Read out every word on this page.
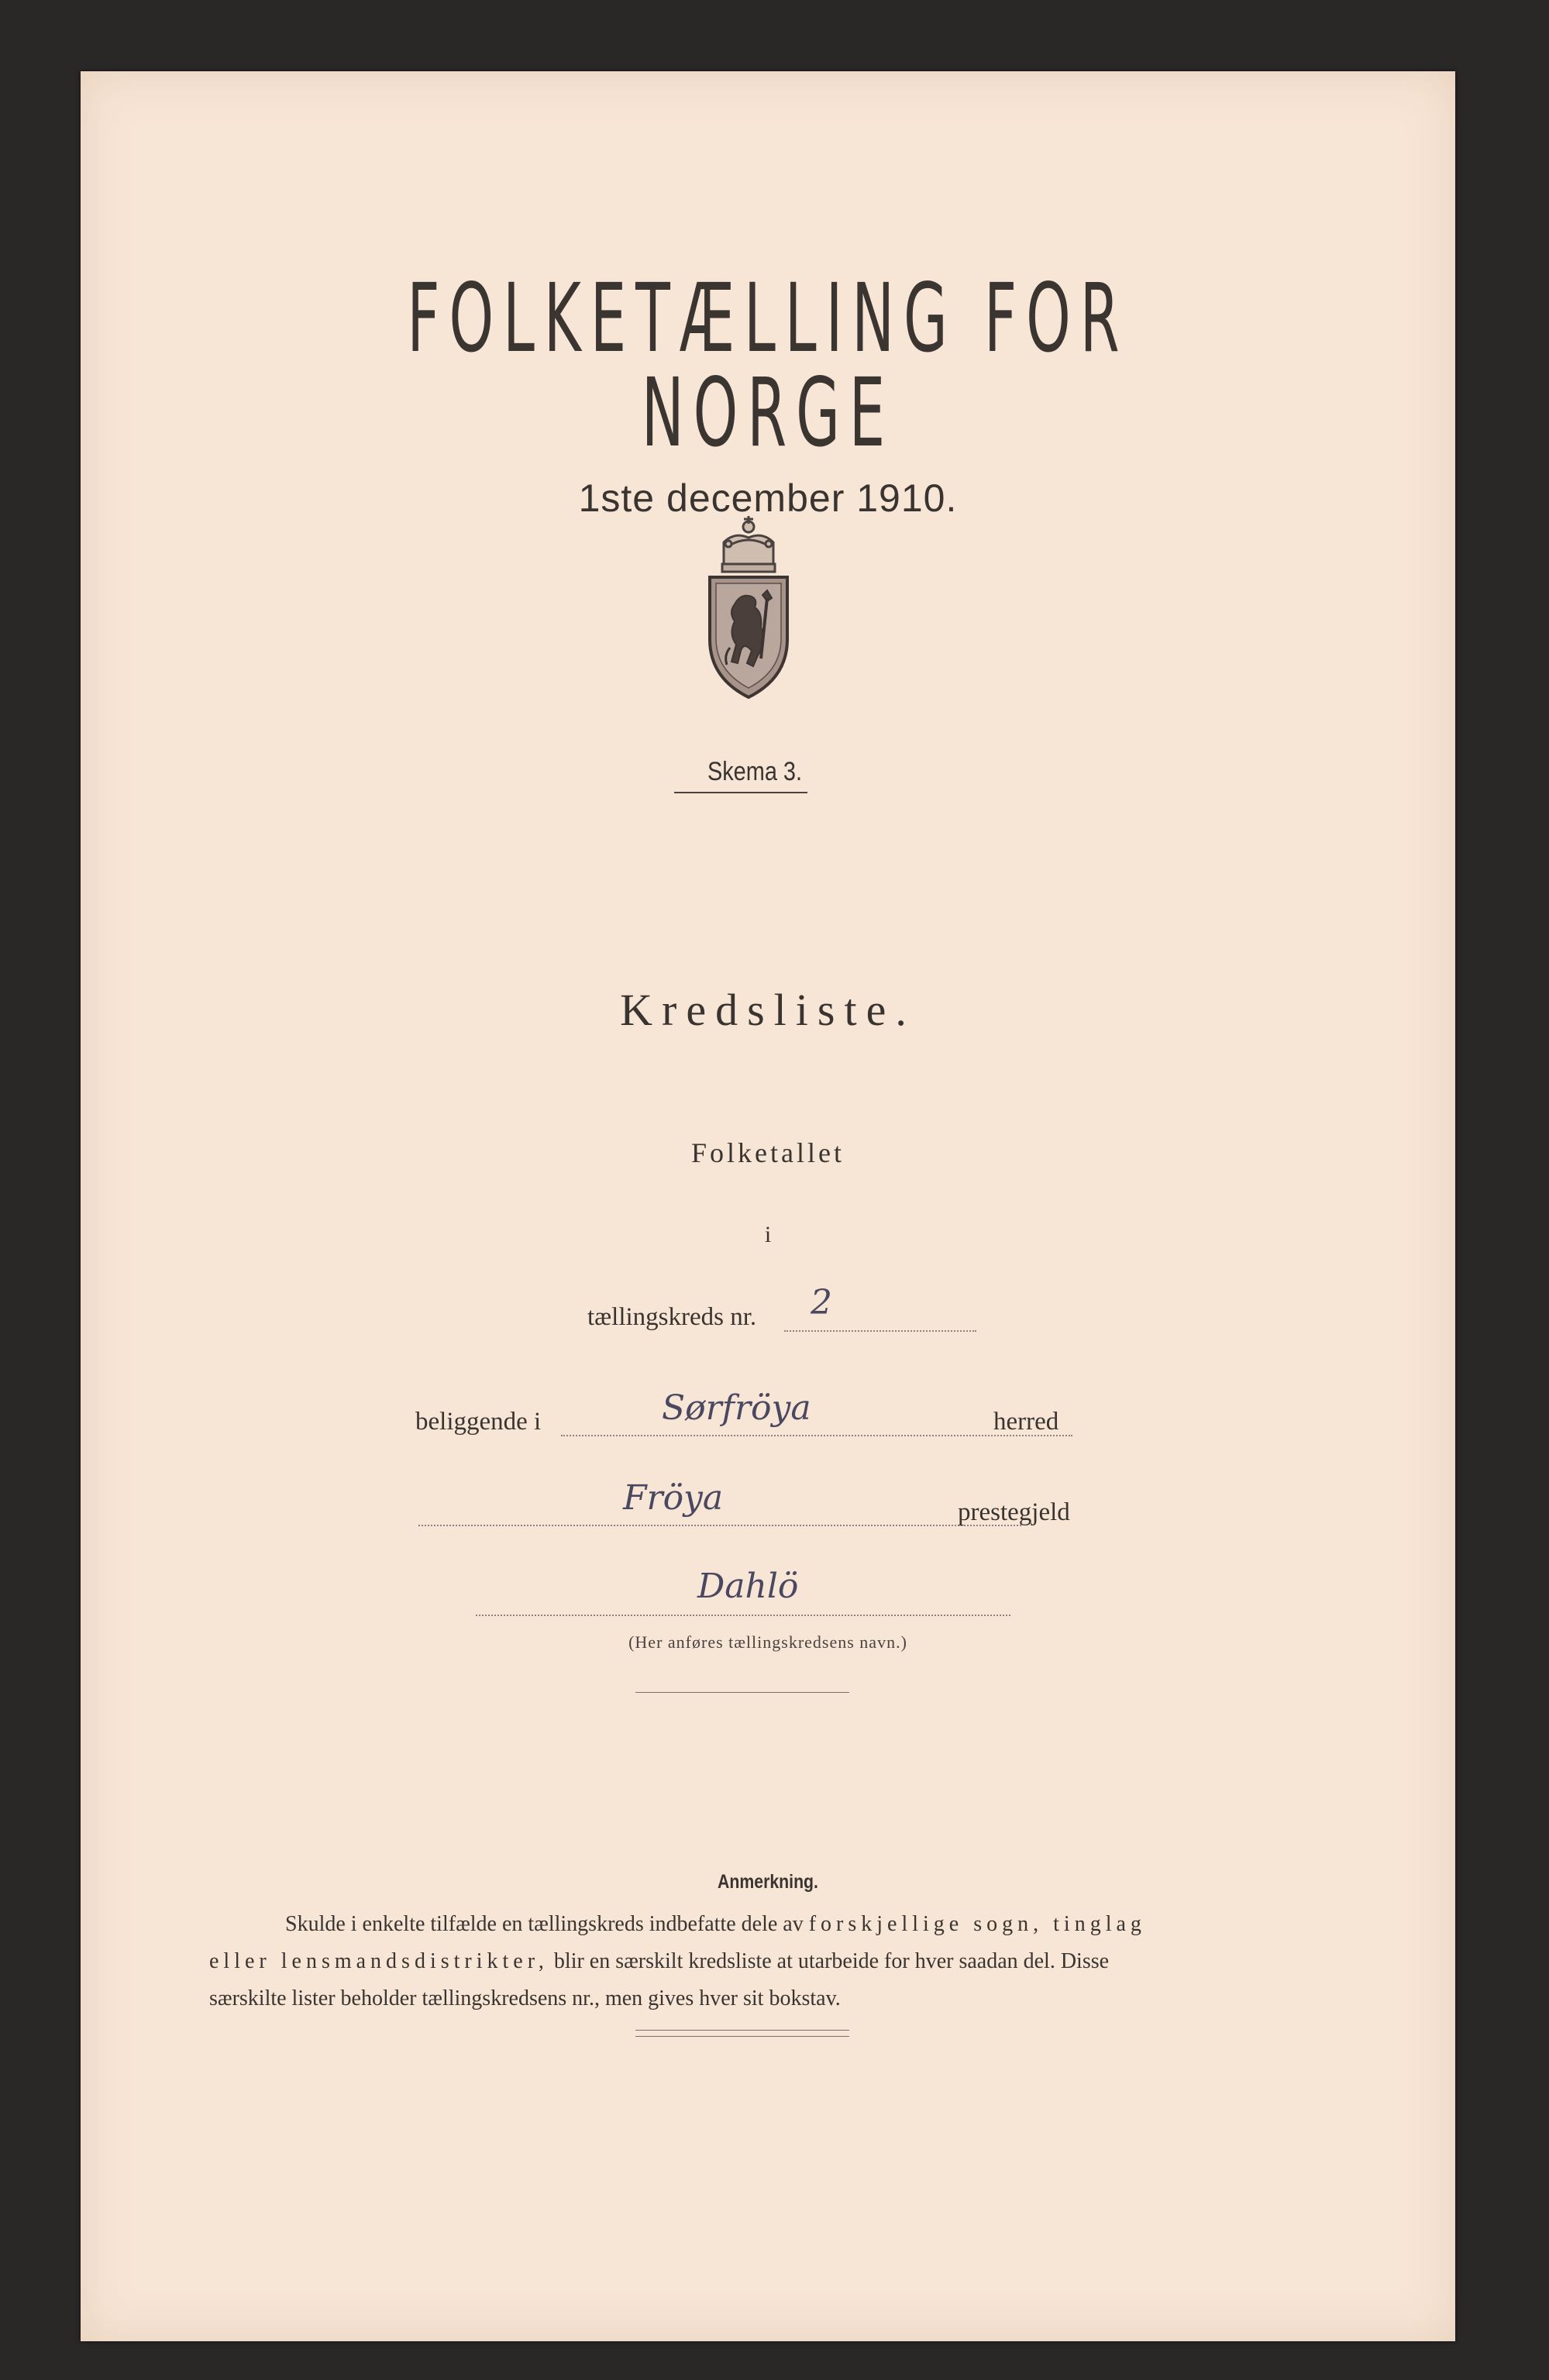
FOLKETÆLLING FOR NORGE
1ste december 1910.
Skema 3.
Kredsliste.
Folketallet
i
tællingskreds nr. 2
beliggende i	Sørfröya	herred
Fröya	prestegjeld
Dahlö
(Her anføres tællingskredsens navn.)
Anmerkning.
Skulde i enkelte tilfælde en tællingskreds indbefatte dele av forskjellige sogn, tinglag
eller lensmandsdistrikter, blir en særskilt kredsliste at utarbeide for hver saadan del. Disse
særskilte lister beholder tællingskredsens nr., men gives hver sit bokstav.
